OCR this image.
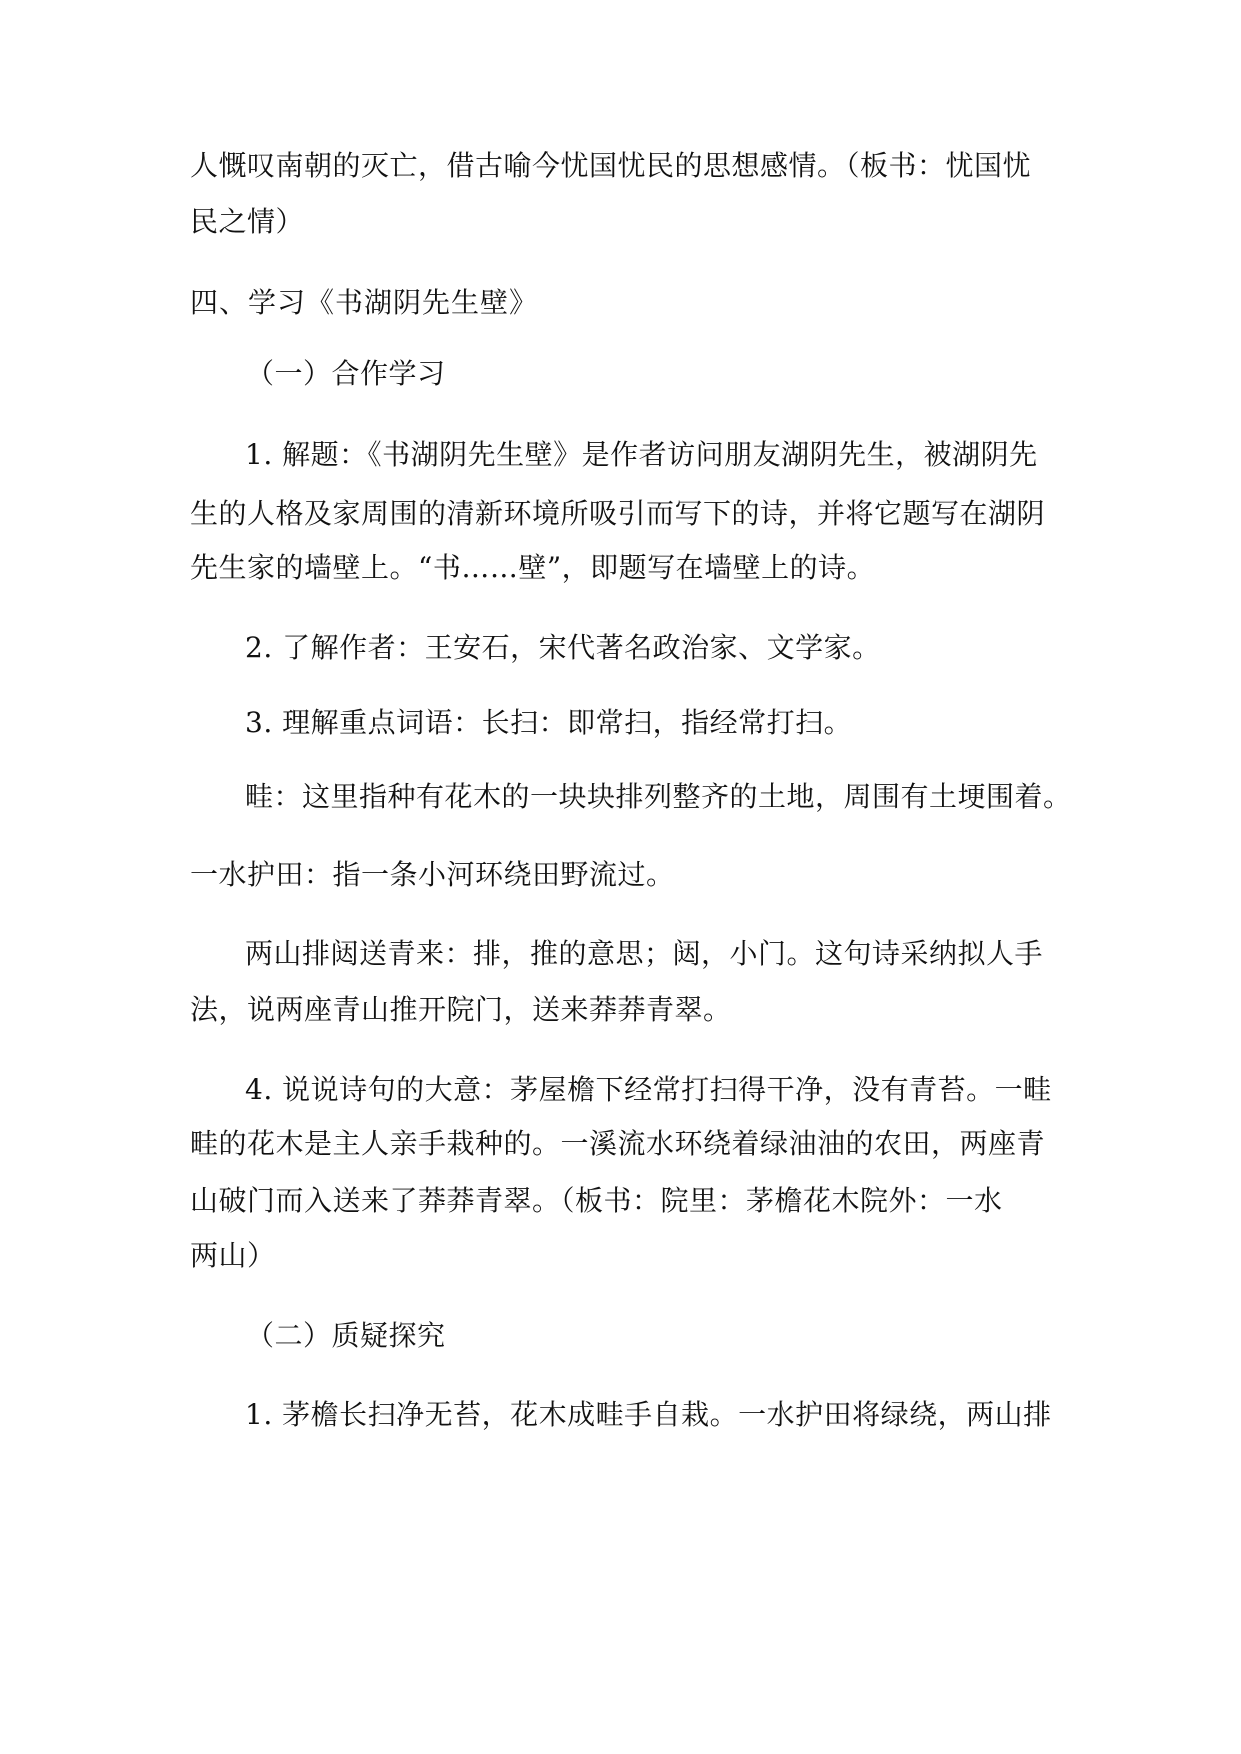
人慨叹南朝的灭亡，借古喻今忧国忧民的思想感情。（板书：忧国忧
民之情）
四、学习《书湖阴先生壁》
（一）合作学习
1. 解题：《书湖阴先生壁》是作者访问朋友湖阴先生，被湖阴先
生的人格及家周围的清新环境所吸引而写下的诗，并将它题写在湖阴
先生家的墙壁上。“书……壁”，即题写在墙壁上的诗。
2. 了解作者：王安石，宋代著名政治家、文学家。
3. 理解重点词语：长扫：即常扫，指经常打扫。
畦：这里指种有花木的一块块排列整齐的土地，周围有土埂围着。
一水护田：指一条小河环绕田野流过。
两山排闼送青来：排，推的意思；闼，小门。这句诗采纳拟人手
法，说两座青山推开院门，送来莽莽青翠。
4. 说说诗句的大意：茅屋檐下经常打扫得干净，没有青苔。一畦
畦的花木是主人亲手栽种的。一溪流水环绕着绿油油的农田，两座青
山破门而入送来了莽莽青翠。（板书：院里：茅檐花木院外：一水
两山）
（二）质疑探究
1. 茅檐长扫净无苔，花木成畦手自栽。一水护田将绿绕，两山排
